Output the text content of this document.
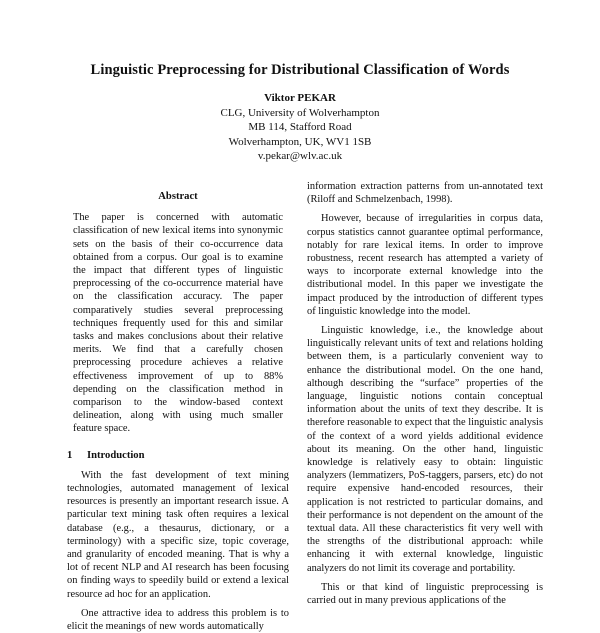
Linguistic Preprocessing for Distributional Classification of Words
Viktor PEKAR
CLG, University of Wolverhampton
MB 114, Stafford Road
Wolverhampton, UK, WV1 1SB
v.pekar@wlv.ac.uk
Abstract

The paper is concerned with automatic classification of new lexical items into synonymic sets on the basis of their co-occurrence data obtained from a corpus. Our goal is to examine the impact that different types of linguistic preprocessing of the co-occurrence material have on the classification accuracy. The paper comparatively studies several preprocessing techniques frequently used for this and similar tasks and makes conclusions about their relative merits. We find that a carefully chosen preprocessing procedure achieves a relative effectiveness improvement of up to 88% depending on the classification method in comparison to the window-based context delineation, along with using much smaller feature space.

1 Introduction

With the fast development of text mining technologies, automated management of lexical resources is presently an important research issue. A particular text mining task often requires a lexical database (e.g., a thesaurus, dictionary, or a terminology) with a specific size, topic coverage, and granularity of encoded meaning. That is why a lot of recent NLP and AI research has been focusing on finding ways to speedily build or extend a lexical resource ad hoc for an application.

One attractive idea to address this problem is to elicit the meanings of new words automatically

information extraction patterns from un-annotated text (Riloff and Schmelzenbach, 1998).

However, because of irregularities in corpus data, corpus statistics cannot guarantee optimal performance, notably for rare lexical items. In order to improve robustness, recent research has attempted a variety of ways to incorporate external knowledge into the distributional model. In this paper we investigate the impact produced by the introduction of different types of linguistic knowledge into the model.

Linguistic knowledge, i.e., the knowledge about linguistically relevant units of text and relations holding between them, is a particularly convenient way to enhance the distributional model. On the one hand, although describing the “surface” properties of the language, linguistic notions contain conceptual information about the units of text they describe. It is therefore reasonable to expect that the linguistic analysis of the context of a word yields additional evidence about its meaning. On the other hand, linguistic knowledge is relatively easy to obtain: linguistic analyzers (lemmatizers, PoS-taggers, parsers, etc) do not require expensive hand-encoded resources, their application is not restricted to particular domains, and their performance is not dependent on the amount of the textual data. All these characteristics fit very well with the strengths of the distributional approach: while enhancing it with external knowledge, linguistic analyzers do not limit its coverage and portability.

This or that kind of linguistic preprocessing is carried out in many previous applications of the
